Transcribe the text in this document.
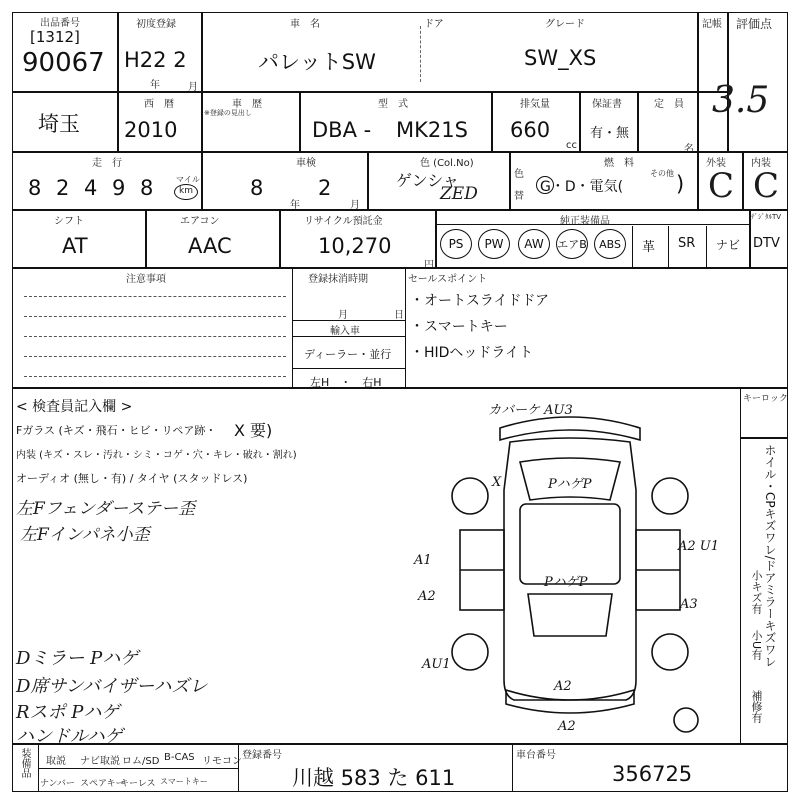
出品番号
[1312]
90067
初度登録
H22 2
年	月
車　名	ドア	グレード
パレットSW	SW_XS
記帳 評価点
3.5
埼玉
西　暦
2010
車　歴
※登録の見出し
型　式
DBA - MK21S
排気量
660
cc
保証書
有・無
定　員
名
走　行
8 2 4 9 8	マイル
km
車検
8
年
2
月
色 (Col.No)
ゲンシャ
ZED
色替
燃　料
G・D・電気(
その他 )
外装
C
内装
C
シフト
AT
エアコン
AAC
リサイクル預託金
10,270
円
純正装備品
PS	PW	AW	エアB	ABS	革 SR ナビ
ﾃﾞｼﾞﾀﾙTV
DTV
注意事項	登録抹消時期
月	日
輸入車
ディーラー・並行
左H　・　右H
セールスポイント
・オートスライドドア
・スマートキー
・HIDヘッドライト
< 検査員記入欄 >
Fガラス (キズ・飛石・ヒビ・リペア跡・ X 要)
内装 (キズ・スレ・汚れ・シミ・コゲ・穴・キレ・破れ・割れ)
オーディオ (無し・有) / タイヤ (スタッドレス)
左Fフェンダーステー歪
左Fインパネ小歪
Dミラー Pハゲ
D席サンバイザーハズレ
Rスポ Pハゲ
ハンドルハゲ
カバーケ AU3
PハゲP
PハゲP
A1
A2
A2 U1
A3
AU1
A2
A2
X
キーロック
ホイル・CPキズワレ/ドアミラーキズワレ
小キズ有
小U有
補修有
装備品 取説 ナビ取説 ロム/SD B-CAS リモコン
ナンバー スペアキー
キーレス スマートキー
登録番号
川越 583 た 611
車台番号
356725
